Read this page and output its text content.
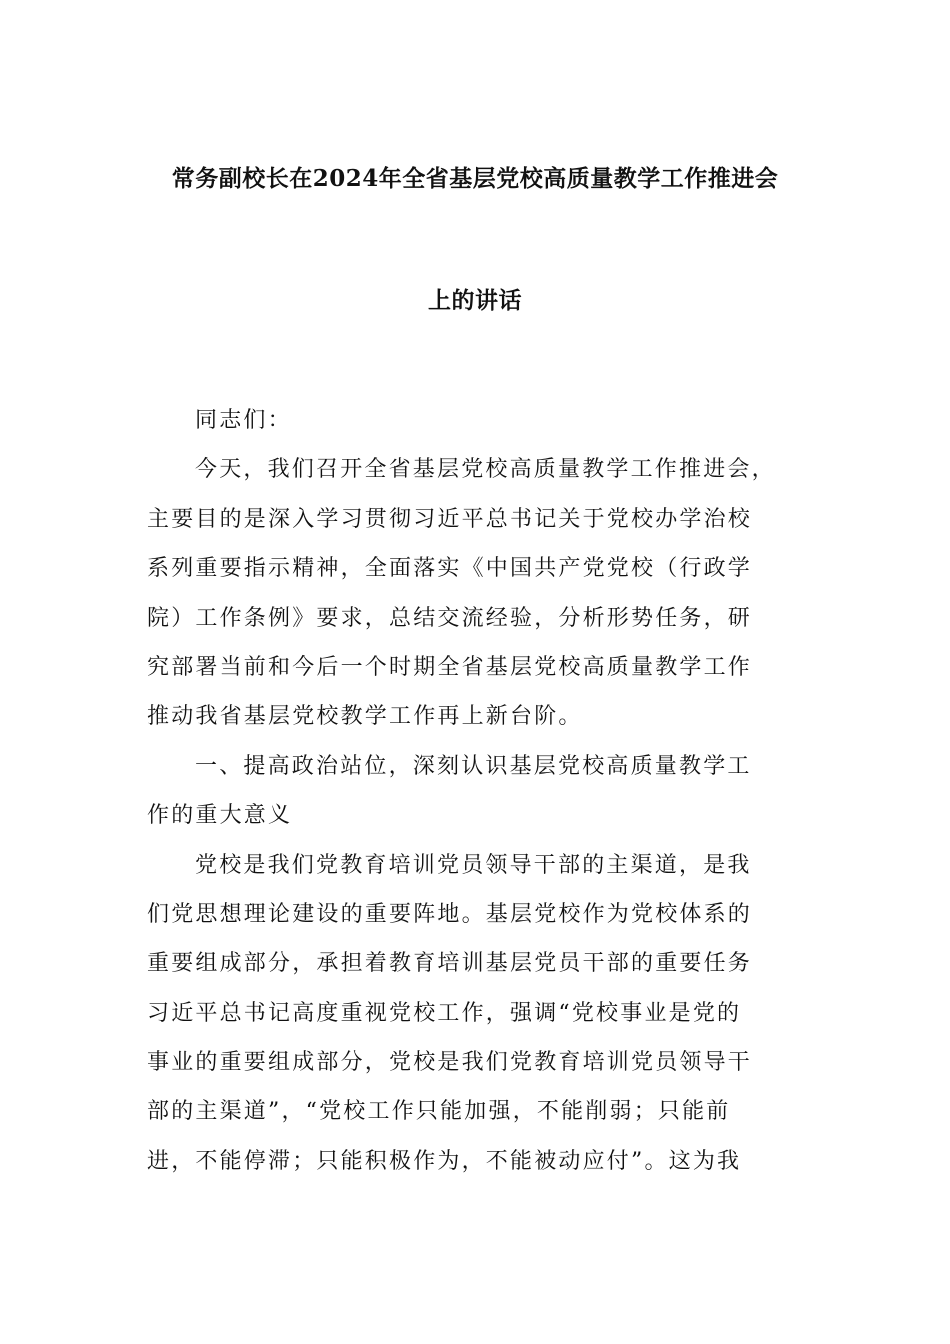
常务副校长在2024年全省基层党校高质量教学工作推进会
上的讲话
同志们：
今天，我们召开全省基层党校高质量教学工作推进会，
主要目的是深入学习贯彻习近平总书记关于党校办学治校
系列重要指示精神，全面落实《中国共产党党校（行政学
院）工作条例》要求，总结交流经验，分析形势任务，研
究部署当前和今后一个时期全省基层党校高质量教学工作
推动我省基层党校教学工作再上新台阶。
一、提高政治站位，深刻认识基层党校高质量教学工
作的重大意义
党校是我们党教育培训党员领导干部的主渠道，是我
们党思想理论建设的重要阵地。基层党校作为党校体系的
重要组成部分，承担着教育培训基层党员干部的重要任务
习近平总书记高度重视党校工作，强调“党校事业是党的
事业的重要组成部分，党校是我们党教育培训党员领导干
部的主渠道”，“党校工作只能加强，不能削弱；只能前
进，不能停滞；只能积极作为，不能被动应付”。这为我
